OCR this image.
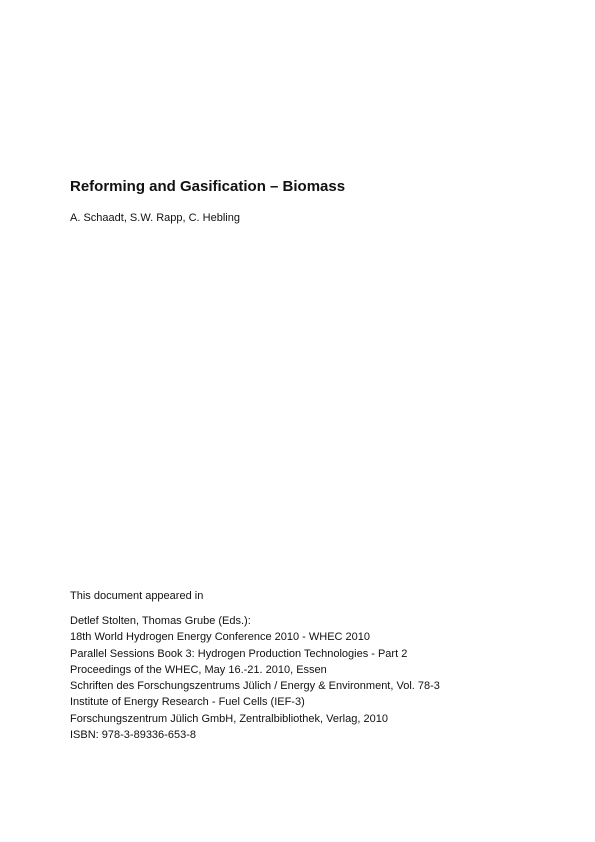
Reforming and Gasification – Biomass

A. Schaadt, S.W. Rapp, C. Hebling

This document appeared in

Detlef Stolten, Thomas Grube (Eds.):
18th World Hydrogen Energy Conference 2010 - WHEC 2010
Parallel Sessions Book 3: Hydrogen Production Technologies - Part 2
Proceedings of the WHEC, May 16.-21. 2010, Essen
Schriften des Forschungszentrums Jülich / Energy & Environment, Vol. 78-3
Institute of Energy Research - Fuel Cells (IEF-3)
Forschungszentrum Jülich GmbH, Zentralbibliothek, Verlag, 2010
ISBN: 978-3-89336-653-8
